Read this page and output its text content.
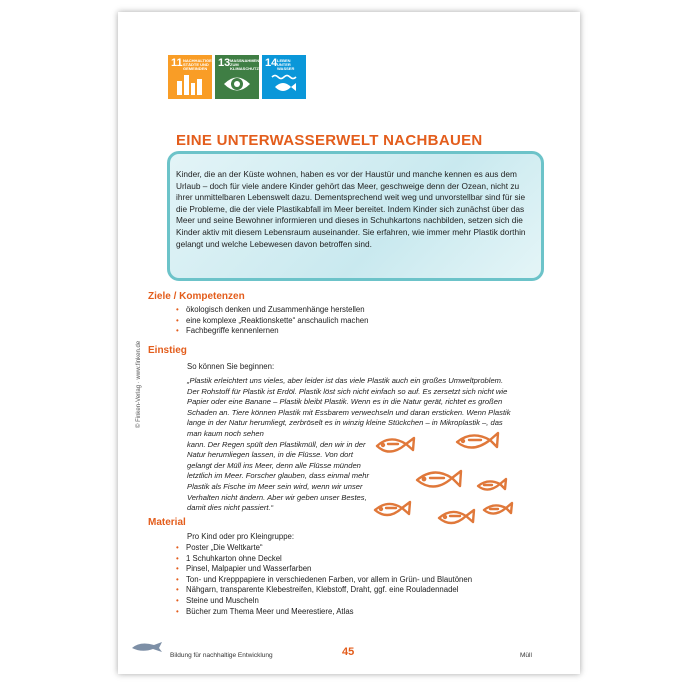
© Finken-Verlag · www.finken.de
11 NACHHALTIGE STÄDTE UND GEMEINDEN 13 MASSNAHMEN ZUM KLIMASCHUTZ 14 LEBEN UNTER WASSER
EINE UNTERWASSERWELT NACHBAUEN
Kinder, die an der Küste wohnen, haben es vor der Haustür und manche kennen es aus dem Urlaub – doch für viele andere Kinder gehört das Meer, geschweige denn der Ozean, nicht zu ihrer unmittelbaren Lebenswelt dazu. Dementsprechend weit weg und unvorstellbar sind für sie die Probleme, die der viele Plastikabfall im Meer bereitet. Indem Kinder sich zunächst über das Meer und seine Bewohner informieren und dieses in Schuhkartons nachbilden, setzen sich die Kinder aktiv mit diesem Lebensraum auseinander. Sie erfahren, wie immer mehr Plastik dorthin gelangt und welche Lebewesen davon betroffen sind.
Ziele / Kompetenzen
• ökologisch denken und Zusammenhänge herstellen
• eine komplexe „Reaktionskette“ anschaulich machen
• Fachbegriffe kennenlernen
Einstieg
So können Sie beginnen:

„Plastik erleichtert uns vieles, aber leider ist das viele Plastik auch ein großes Umweltproblem. Der Rohstoff für Plastik ist Erdöl. Plastik löst sich nicht einfach so auf. Es zersetzt sich nicht wie Papier oder eine Banane – Plastik bleibt Plastik. Wenn es in die Natur gerät, richtet es großen Schaden an. Tiere können Plastik mit Essbarem verwechseln und daran ersticken. Wenn Plastik lange in der Natur herumliegt, zerbröselt es in winzig kleine Stückchen – in Mikroplastik –, das man kaum noch sehen

kann. Der Regen spült den Plastikmüll, den wir in der
Natur herumliegen lassen, in die Flüsse. Von dort
gelangt der Müll ins Meer, denn alle Flüsse münden
letztlich im Meer. Forscher glauben, dass einmal mehr
Plastik als Fische im Meer sein wird, wenn wir unser
Verhalten nicht ändern. Aber wir geben unser Bestes,
damit dies nicht passiert.“
Material
Pro Kind oder pro Kleingruppe:
• Poster „Die Weltkarte“
• 1 Schuhkarton ohne Deckel
• Pinsel, Malpapier und Wasserfarben
• Ton- und Krepppapiere in verschiedenen Farben, vor allem in Grün- und Blautönen
• Nähgarn, transparente Klebestreifen, Klebstoff, Draht, ggf. eine Rouladennadel
• Steine und Muscheln
• Bücher zum Thema Meer und Meerestiere, Atlas
Bildung für nachhaltige Entwicklung	45	Müll
